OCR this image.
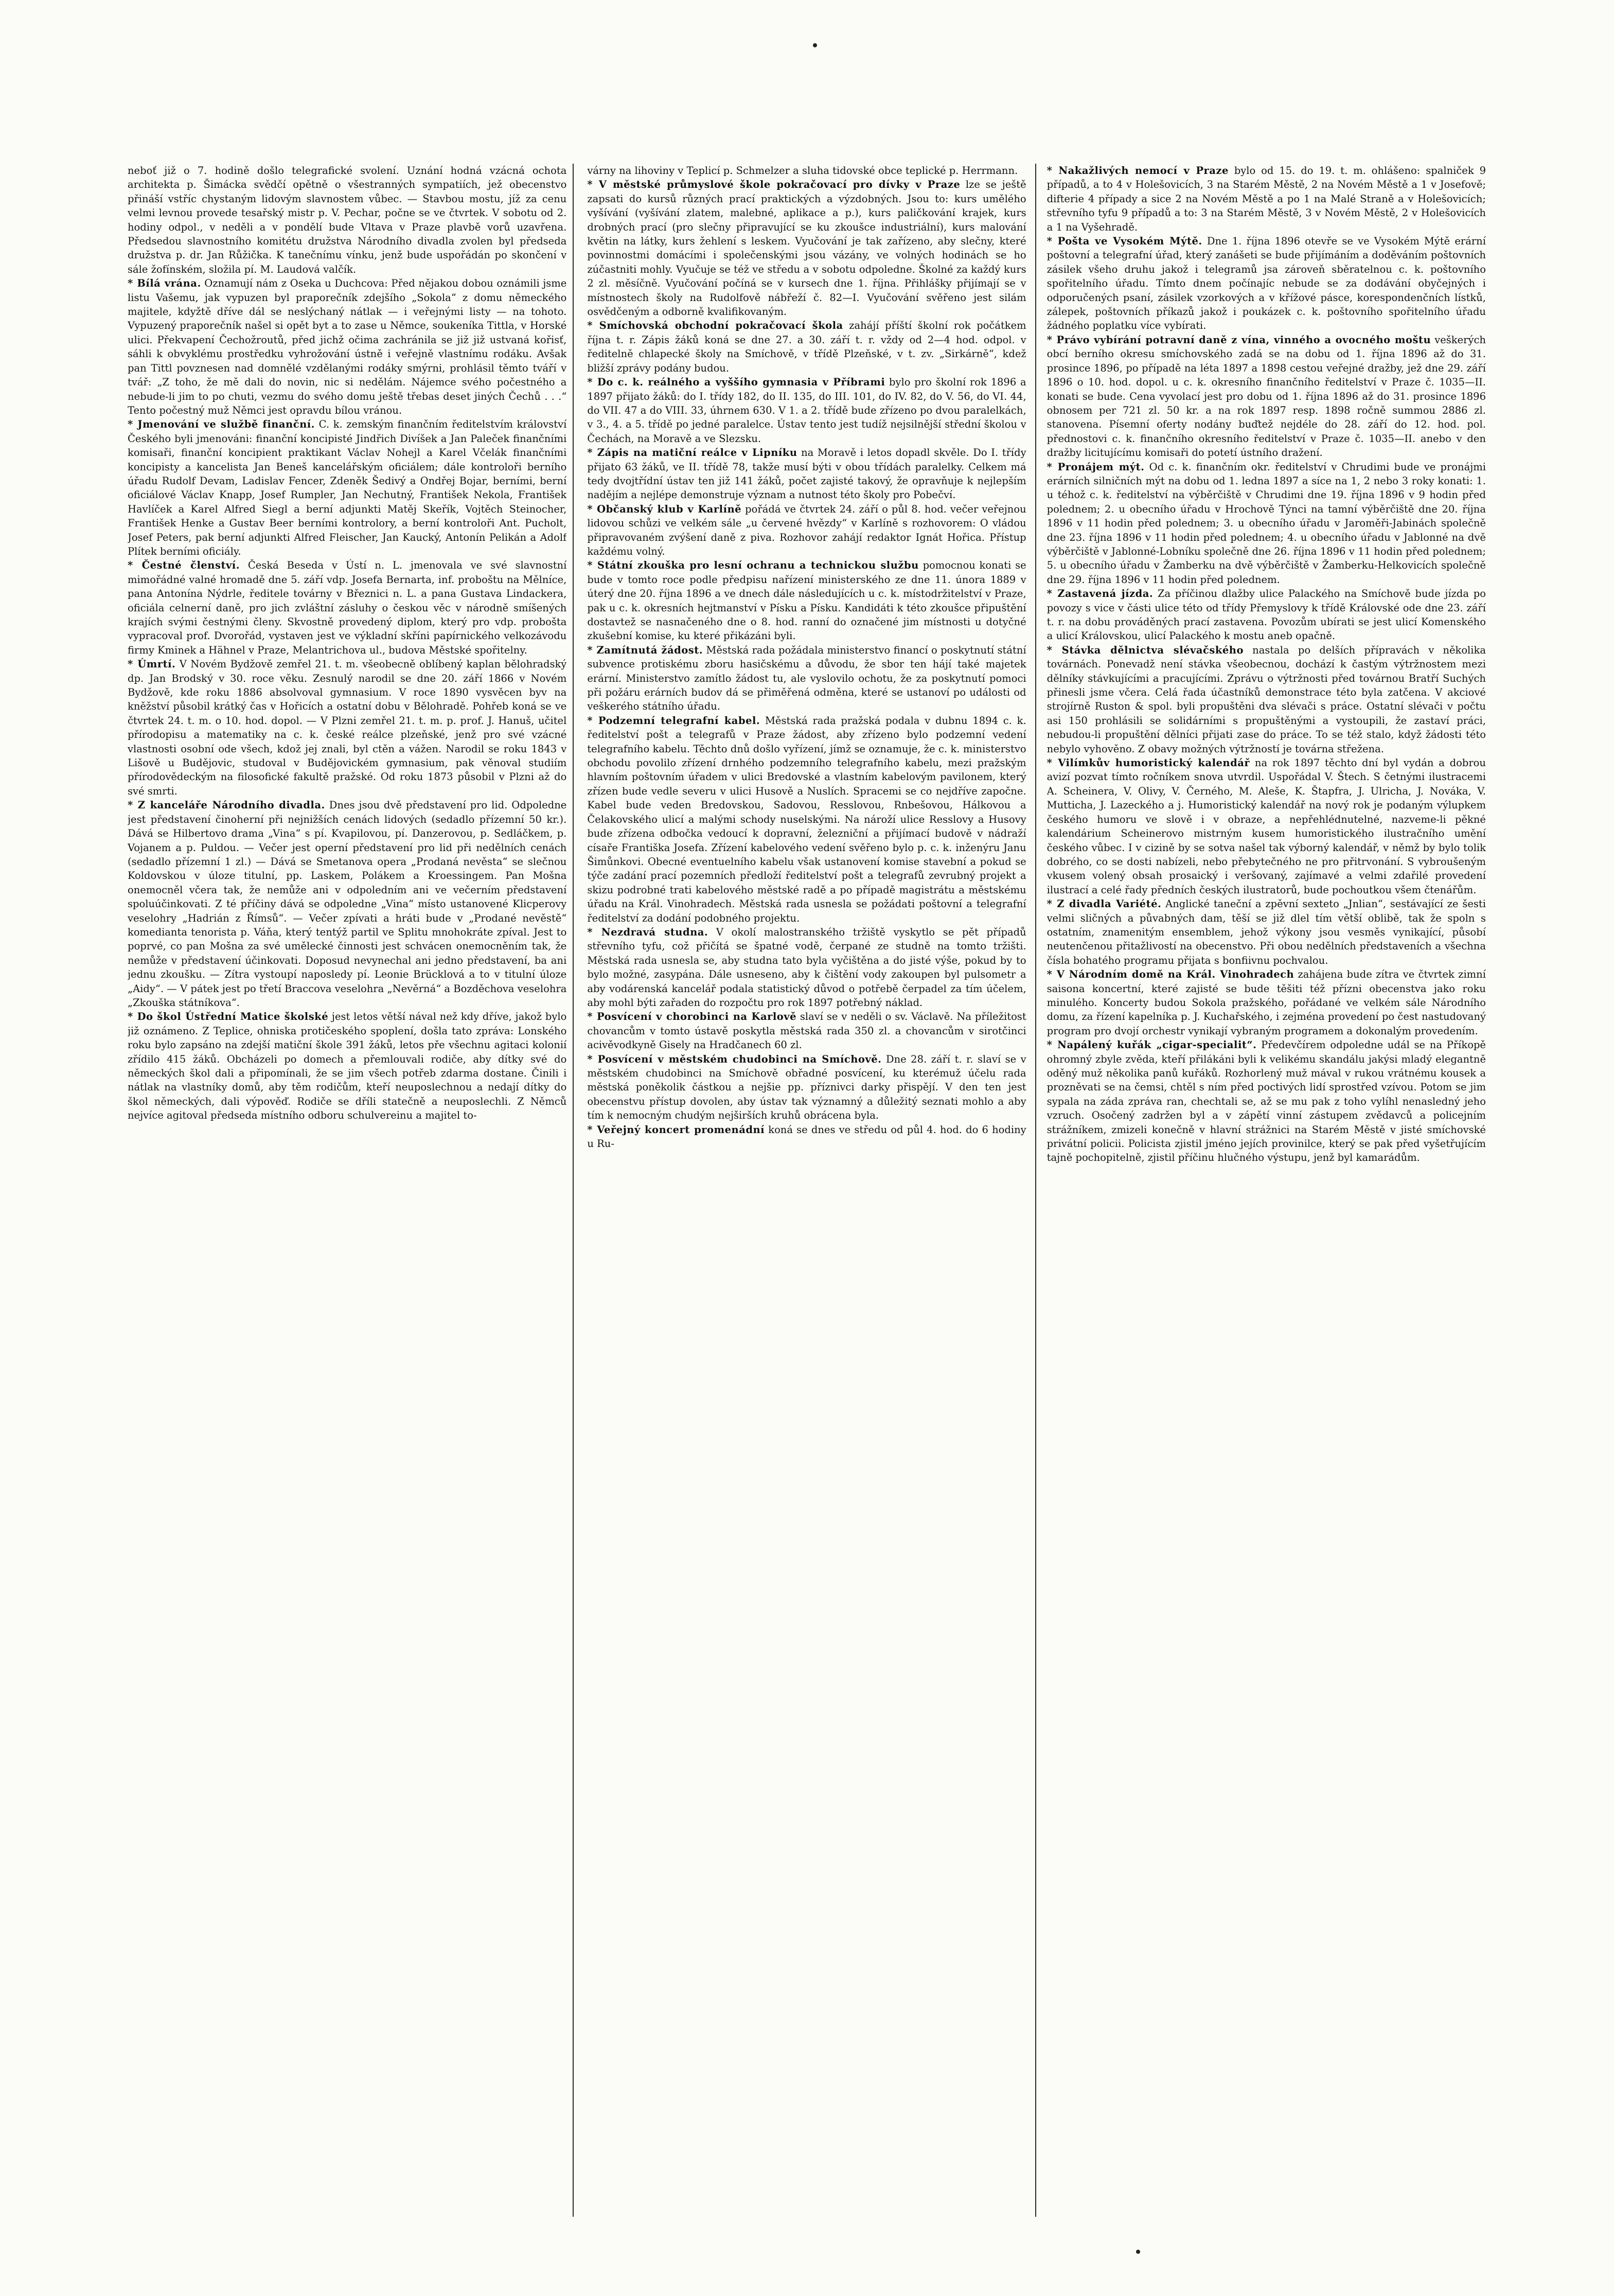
neboť již o 7. hodině došlo telegrafické svolení. Uznání hodná vzácná ochota architekta p. Šimácka svědčí opětně o všestranných sympatiích, jež obecenstvo přináší vstříc chystaným lidovým slavnostem vůbec. — Stavbou mostu, jíž za cenu velmi levnou provede tesařský mistr p. V. Pechar, počne se ve čtvrtek. V sobotu od 2. hodiny odpol., v neděli a v pondělí bude Vltava v Praze plavbě vorů uzavřena. Předsedou slavnostního komitétu družstva Národního divadla zvolen byl předseda družstva p. dr. Jan Růžička. K tanečnímu vínku, jenž bude uspořádán po skončení v sále žofínském, složila pí. M. Laudová valčík.

* Bílá vrána. Oznamují nám z Oseka u Duchcova: Před nějakou dobou oznámili jsme listu Vašemu, jak vypuzen byl praporečník zdejšího „Sokola“ z domu německého majitele, kdyžtě dříve dál se neslýchaný nátlak — i veřejnými listy — na tohoto. Vypuzený praporečník našel si opět byt a to zase u Němce, soukeníka Tittla, v Horské ulici. Překvapení Čechožroutů, před jichž očima zachránila se již již ustvaná kořisť, sáhli k obvyklému prostředku vyhrožování ústně i veřejně vlastnímu rodáku. Avšak pan Tittl povznesen nad domnělé vzdělanými rodáky smýrni, prohlásil těmto tváří v tvář: „Z toho, že mě dali do novin, nic si nedělám. Nájemce svého počestného a nebude-li jim to po chuti, vezmu do svého domu ještě třebas deset jiných Čechů . . .“ Tento počestný muž Němci jest opravdu bílou vránou.

* Jmenování ve službě finanční. C. k. zemským finančním ředitelstvím království Českého byli jmenováni: finanční koncipisté Jindřich Divíšek a Jan Paleček finančními komisaři, finanční koncipient praktikant Václav Nohejl a Karel Včelák finančními koncipisty a kancelista Jan Beneš kancelářským oficiálem; dále kontroloři berního úřadu Rudolf Devam, Ladislav Fencer, Zdeněk Šedivý a Ondřej Bojar, berními, berní oficiálové Václav Knapp, Josef Rumpler, Jan Nechutný, František Nekola, František Havlíček a Karel Alfred Siegl a berní adjunkti Matěj Skeřík, Vojtěch Steinocher, František Henke a Gustav Beer berními kontrolory, a berní kontroloři Ant. Pucholt, Josef Peters, pak berní adjunkti Alfred Fleischer, Jan Kaucký, Antonín Pelikán a Adolf Plítek berními oficiály.

* Čestné členství. Česká Beseda v Ústí n. L. jmenovala ve své slavnostní mimořádné valné hromadě dne 5. září vdp. Josefa Bernarta, inf. proboštu na Mělníce, pana Antonína Nýdrle, ředitele továrny v Březnici n. L. a pana Gustava Lindackera, oficiála celnerní daně, pro jich zvláštní zásluhy o českou věc v národně smíšených krajích svými čestnými členy. Skvostně provedený diplom, který pro vdp. probošta vypracoval prof. Dvorořád, vystaven jest ve výkladní skříni papírnického velkozávodu firmy Kminek a Hähnel v Praze, Melantrichova ul., budova Městské spořitelny.

* Úmrtí. V Novém Bydžově zemřel 21. t. m. všeobecně oblíbený kaplan bělohradský dp. Jan Brodský v 30. roce věku. Zesnulý narodil se dne 20. září 1866 v Novém Bydžově, kde roku 1886 absolvoval gymnasium. V roce 1890 vysvěcen byv na kněžství působil krátký čas v Hořicích a ostatní dobu v Bělohradě. Pohřeb koná se ve čtvrtek 24. t. m. o 10. hod. dopol. — V Plzni zemřel 21. t. m. p. prof. J. Hanuš, učitel přírodopisu a matematiky na c. k. české reálce plzeňské, jenž pro své vzácné vlastnosti osobní ode všech, kdož jej znali, byl ctěn a vážen. Narodil se roku 1843 v Lišově u Budějovic, studoval v Budějovickém gymnasium, pak věnoval studiím přírodovědeckým na filosofické fakultě pražské. Od roku 1873 působil v Plzni až do své smrti.

* Z kanceláře Národního divadla. Dnes jsou dvě představení pro lid. Odpoledne jest představení činoherní při nejnižších cenách lidových (sedadlo přízemní 50 kr.). Dává se Hilbertovo drama „Vina“ s pí. Kvapilovou, pí. Danzerovou, p. Sedláčkem, p. Vojanem a p. Puldou. — Večer jest operní představení pro lid při nedělních cenách (sedadlo přízemní 1 zl.) — Dává se Smetanova opera „Prodaná nevěsta“ se slečnou Koldovskou v úloze titulní, pp. Laskem, Polákem a Kroessingem. Pan Mošna onemocněl včera tak, že nemůže ani v odpoledním ani ve večerním představení spoluúčinkovati. Z té příčiny dává se odpoledne „Vina“ místo ustanovené Klicperovy veselohry „Hadrián z Římsů“. — Večer zpívati a hráti bude v „Prodané nevěstě“ komediantа tenoristа p. Váňa, který tentýž partil ve Splitu mnohokráte zpíval. Jest to poprvé, co pan Mošna za své umělecké činnosti jest schvácen onemocněním tak, že nemůže v představení účinkovati. Doposud nevynechal ani jedno představení, ba ani jednu zkoušku. — Zítra vystoupí naposledy pí. Leonie Brücklová a to v titulní úloze „Aidy“. — V pátek jest po třetí Braccova veselohra „Nevěrná“ a Bozděchova veselohra „Zkouška státníkova“.

* Do škol Ústřední Matice školské jest letos větší nával než kdy dříve, jakož bylo již oznámeno. Z Teplice, ohniska protičeského spoplení, došla tato zpráva: Lonského roku bylo zapsáno na zdejší matiční škole 391 žáků, letos pře všechnu agitaci kolonií zřídilo 415 žáků. Obcházeli po domech a přemlouvali rodiče, aby dítky své do německých škol dali a připomínali, že se jim všech potřeb zdarma dostane. Činili i nátlak na vlastníky domů, aby těm rodičům, kteří neuposlechnou a nedají dítky do škol německých, dali výpověď. Rodiče se dříli statečně a neuposlechli. Z Němců nejvíce agitoval předseda místního odboru schulvereinu a majitel to-

várny na lihoviny v Teplicí p. Schmelzer a sluha tidovské obce teplické p. Herrmann.

* V městské průmyslové škole pokračovací pro dívky v Praze lze se ještě zapsati do kursů různých prací praktických a výzdobných. Jsou to: kurs umělého vyšívání (vyšívání zlatem, malebné, aplikace a p.), kurs paličkování krajek, kurs drobných prací (pro slečny připravující se ku zkoušce industriální), kurs malování květin na látky, kurs žehlení s leskem. Vyučování je tak zařízeno, aby slečny, které povinnostmi domácími i společenskými jsou vázány, ve volných hodinách se ho zúčastniti mohly. Vyučuje se též ve středu a v sobotu odpoledne. Školné za každý kurs 2 zl. měsíčně. Vyučování počíná se v kursech dne 1. října. Přihlášky přijímají se v místnostech školy na Rudolfově nábřeží č. 82—I. Vyučování svěřeno jest silám osvědčeným a odborně kvalifikovaným.

* Smíchovská obchodní pokračovací škola zahájí příští školní rok počátkem října t. r. Zápis žáků koná se dne 27. a 30. září t. r. vždy od 2—4 hod. odpol. v ředitelně chlapecké školy na Smíchově, v třídě Plzeňské, v t. zv. „Sirkárně“, kdež bližší zprávy podány budou.

* Do c. k. reálného a vyššího gymnasia v Příbrami bylo pro školní rok 1896 a 1897 přijato žáků: do I. třídy 182, do II. 135, do III. 101, do IV. 82, do V. 56, do VI. 44, do VII. 47 a do VIII. 33, úhrnem 630. V 1. a 2. třídě bude zřízeno po dvou paralelkách, v 3., 4. a 5. třídě po jedné paralelce. Ústav tento jest tudíž nejsilnější střední školou v Čechách, na Moravě a ve Slezsku.

* Zápis na matiční reálce v Lipníku na Moravě i letos dopadl skvěle. Do I. třídy přijato 63 žáků, ve II. třídě 78, takže musí býti v obou třídách paralelky. Celkem má tedy dvojtřídní ústav ten již 141 žáků, počet zajisté takový, že opravňuje k nejlepším nadějím a nejlépe demonstruje význam a nutnost této školy pro Pobečví.

* Občanský klub v Karlíně pořádá ve čtvrtek 24. září o půl 8. hod. večer veřejnou lidovou schůzi ve velkém sále „u červené hvězdy“ v Karlíně s rozhovorem: O vládou připravovaném zvýšení daně z piva. Rozhovor zahájí redaktor Ignát Hořica. Přístup každému volný.

* Státní zkouška pro lesní ochranu a technickou službu pomocnou konati se bude v tomto roce podle předpisu nařízení ministerského ze dne 11. února 1889 v úterý dne 20. října 1896 a ve dnech dále následujících u c. k. místodržitelství v Praze, pak u c. k. okresních hejtmanství v Písku a Písku. Kandidáti k této zkoušce připuštění dostavtež se nasnačeného dne o 8. hod. ranní do označené jim místnosti u dotyčné zkušební komise, ku které přikázáni byli.

* Zamítnutá žádost. Městská rada požádala ministerstvo financí o poskytnutí státní subvence protiskému zboru hasičskému a důvodu, že sbor ten hájí také majetek erární. Ministerstvo zamítlo žádost tu, ale vyslovilo ochotu, že za poskytnutí pomoci při požáru erárních budov dá se přiměřená odměna, které se ustanoví po události od veškerého státního úřadu.

* Podzemní telegrafní kabel. Městská rada pražská podala v dubnu 1894 c. k. ředitelství pošt a telegrafů v Praze žádost, aby zřízeno bylo podzemní vedení telegrafního kabelu. Těchto dnů došlo vyřízení, jímž se oznamuje, že c. k. ministerstvo obchodu povolilo zřízení drnhého podzemního telegrafního kabelu, mezi pražským hlavním poštovním úřadem v ulici Bredovské a vlastním kabelovým pavilonem, který zřízen bude vedle severu v ulici Husově a Nuslích. Spracemi se co nejdříve započne. Kabel bude veden Bredovskou, Sadovou, Resslovou, Rnbešovou, Hálkovou a Čelakovského ulicí a malými schody nuselskými. Na nároží ulice Resslovy a Husovy bude zřízena odbočka vedoucí k dopravní, železniční a přijímací budově v nádraží císaře Františka Josefa. Zřízení kabelového vedení svěřeno bylo p. c. k. inženýru Janu Šimůnkovi. Obecné eventuelního kabelu však ustanovení komise stavební a pokud se týče zadání prací pozemních předloží ředitelství pošt a telegrafů zevrubný projekt a skizu podrobné trati kabelového městské radě a po případě magistrátu a městskému úřadu na Král. Vinohradech. Městská rada usnesla se požádati poštovní a telegrafní ředitelství za dodání podobného projektu.

* Nezdravá studna. V okolí malostranského tržiště vyskytlo se pět případů střevního tyfu, což přičítá se špatné vodě, čerpané ze studně na tomto tržišti. Městská rada usnesla se, aby studna tato byla vyčištěna a do jisté výše, pokud by to bylo možné, zasypána. Dále usneseno, aby k čištění vody zakoupen byl pulsometr a aby vodárenská kancelář podala statistický důvod o potřebě čerpadel za tím účelem, aby mohl býti zařaden do rozpočtu pro rok 1897 potřebný náklad.

* Posvícení v chorobinci na Karlově slaví se v neděli o sv. Václavě. Na příležitost chovancům v tomto ústavě poskytla městská rada 350 zl. a chovancům v sirotčinci acivěvodkyně Gisely na Hradčanech 60 zl.

* Posvícení v městském chudobinci na Smíchově. Dne 28. září t. r. slaví se v městském chudobinci na Smíchově obřadné posvícení, ku kterémuž účelu rada městská poněkolik částkou a nejšie pp. příznivci darky přispějí. V den ten jest obecenstvu přístup dovolen, aby ústav tak významný a důležitý seznati mohlo a aby tím k nemocným chudým nejširších kruhů obrácena byla.

* Veřejný koncert promenádní koná se dnes ve středu od půl 4. hod. do 6 hodiny u Ru-

* Nakažlivých nemocí v Praze bylo od 15. do 19. t. m. ohlášeno: spalniček 9 případů, a to 4 v Holešovicích, 3 na Starém Městě, 2 na Novém Městě a 1 v Josefově; difterie 4 případy a sice 2 na Novém Městě a po 1 na Malé Straně a v Holešovicích; střevního tyfu 9 případů a to: 3 na Starém Městě, 3 v Novém Městě, 2 v Holešovicích a 1 na Vyšehradě.

* Pošta ve Vysokém Mýtě. Dne 1. října 1896 otevře se ve Vysokém Mýtě erární poštovní a telegrafní úřad, který zanášeti se bude přijímáním a doděváním poštovních zásilek všeho druhu jakož i telegramů jsa zároveň sběratelnou c. k. poštovního spořitelního úřadu. Tímto dnem počínajíc nebude se za dodávání obyčejných i odporučených psaní, zásilek vzorkových a v křížové pásce, korespondenčních lístků, zálepek, poštovních příkazů jakož i poukázek c. k. poštovního spořitelního úřadu žádného poplatku více vybírati.

* Právo vybírání potravní daně z vína, vinného a ovocného moštu veškerých obcí berního okresu smíchovského zadá se na dobu od 1. října 1896 až do 31. prosince 1896, po případě na léta 1897 a 1898 cestou veřejné dražby, jež dne 29. září 1896 o 10. hod. dopol. u c. k. okresního finančního ředitelství v Praze č. 1035—II. konati se bude. Cena vyvolací jest pro dobu od 1. října 1896 až do 31. prosince 1896 obnosem per 721 zl. 50 kr. a na rok 1897 resp. 1898 ročně summou 2886 zl. stanovena. Písemní oferty nodány buďtež nejdéle do 28. září do 12. hod. pol. přednostovi c. k. finančního okresního ředitelství v Praze č. 1035—II. anebo v den dražby licitujícímu komisaři do potetí ústního dražení.

* Pronájem mýt. Od c. k. finančním okr. ředitelství v Chrudimi bude ve pronájmi erárních silničních mýt na dobu od 1. ledna 1897 a síce na 1, 2 nebo 3 roky konati: 1. u téhož c. k. ředitelství na výběrčiště v Chrudimi dne 19. října 1896 v 9 hodin před polednem; 2. u obecního úřadu v Hrochově Týnci na tamní výběrčiště dne 20. října 1896 v 11 hodin před polednem; 3. u obecního úřadu v Jaroměři-Jabinách společně dne 23. října 1896 v 11 hodin před polednem; 4. u obecního úřadu v Jablonné na dvě výběrčiště v Jablonné-Lobníku společně dne 26. října 1896 v 11 hodin před polednem; 5. u obecního úřadu v Žamberku na dvě výběrčiště v Žamberku-Helkovicích společně dne 29. října 1896 v 11 hodin před polednem.

* Zastavená jízda. Za příčinou dlažby ulice Palackého na Smíchově bude jízda po povozy s vice v části ulice této od třídy Přemyslovy k třídě Královské ode dne 23. září t. r. na dobu prováděných prací zastavena. Povozům ubírati se jest ulicí Komenského a ulicí Královskou, ulicí Palackého k mostu aneb opačně.

* Stávka dělnictva slévačského nastala po delších přípravách v několika továrnách. Ponevadž není stávka všeobecnou, dochází k častým výtržnostem mezi dělníky stávkujícími a pracujícími. Zprávu o výtržnosti před továrnou Bratří Suchých přinesli jsme včera. Celá řada účastníků demonstrace této byla zatčena. V akciové strojírně Ruston & spol. byli propuštěni dva slévači s práce. Ostatní slévači v počtu asi 150 prohlásili se solidárními s propuštěnými a vystoupili, že zastaví práci, nebudou-li propuštění dělníci přijati zase do práce. To se též stalo, když žádosti této nebylo vyhověno. Z obavy možných výtržností je továrna střežena.

* Vilímkův humoristický kalendář na rok 1897 těchto dní byl vydán a dobrou avizí pozvat tímto ročníkem snova utvrdil. Uspořádal V. Štech. S četnými ilustracemi A. Scheinera, V. Olivy, V. Černého, M. Aleše, K. Štapfra, J. Ulricha, J. Nováka, V. Mutticha, J. Lazeckého a j. Humoristický kalendář na nový rok je podaným výlupkem českého humoru ve slově i v obraze, a nepřehlédnutelné, nazveme-li pěkné kalendárium Scheinerovo mistrným kusem humoristického ilustračního umění českého vůbec. I v cizině by se sotva našel tak výborný kalendář, v němž by bylo tolik dobrého, co se dosti nabízeli, nebo přebytečného ne pro přitrvonání. S vybroušeným vkusem volený obsah prosaický i veršovaný, zajímavé a velmi zdařilé provedení ilustrací a celé řady předních českých ilustratorů, bude pochoutkou všem čtenářům.

* Z divadla Variété. Anglické taneční a zpěvní sexteto „Jnlian“, sestávající ze šesti velmi sličných a půvabných dam, těší se již dlel tím větší oblibě, tak že spoln s ostatním, znamenitým ensemblem, jehož výkony jsou vesměs vynikající, působí neutenčenou přitažlivostí na obecenstvo. Při obou nedělních představeních a všechna čísla bohatého programu přijata s bonfiivnu pochvalou.

* V Národním domě na Král. Vinohradech zahájena bude zítra ve čtvrtek zimní saisona koncertní, které zajisté se bude těšiti též přízni obecenstva jako roku minulého. Koncerty budou Sokola pražského, pořádané ve velkém sále Národního domu, za řízení kapelníka p. J. Kuchařského, i zejména provedení po čest nastudovaný program pro dvojí orchestr vynikají vybraným programem a dokonalým provedením.

* Napálený kuřák „cigar-specialit“. Předevčírem odpoledne udál se na Příkopě ohromný zbyle zvěda, kteří přilákáni byli k velikému skandálu jakýsi mladý elegantně oděný muž několika panů kuřáků. Rozhorlený muž mával v rukou vrátnému kousek a prozněvati se na čemsi, chtěl s ním před poctivých lidí sprostřed vzívou. Potom se jim sypala na záda zpráva ran, chechtali se, až se mu pak z toho vylíhl nenasledný jeho vzruch. Osočený zadržen byl a v zápětí vinní zástupem zvědavců a policejním strážníkem, zmizeli konečně v hlavní strážnici na Starém Městě v jisté smíchovské privátní policii. Policista zjistil jméno jejích provinilce, který se pak před vyšetřujícím tajně pochopitelně, zjistil příčinu hlučného výstupu, jenž byl kamarádům.
